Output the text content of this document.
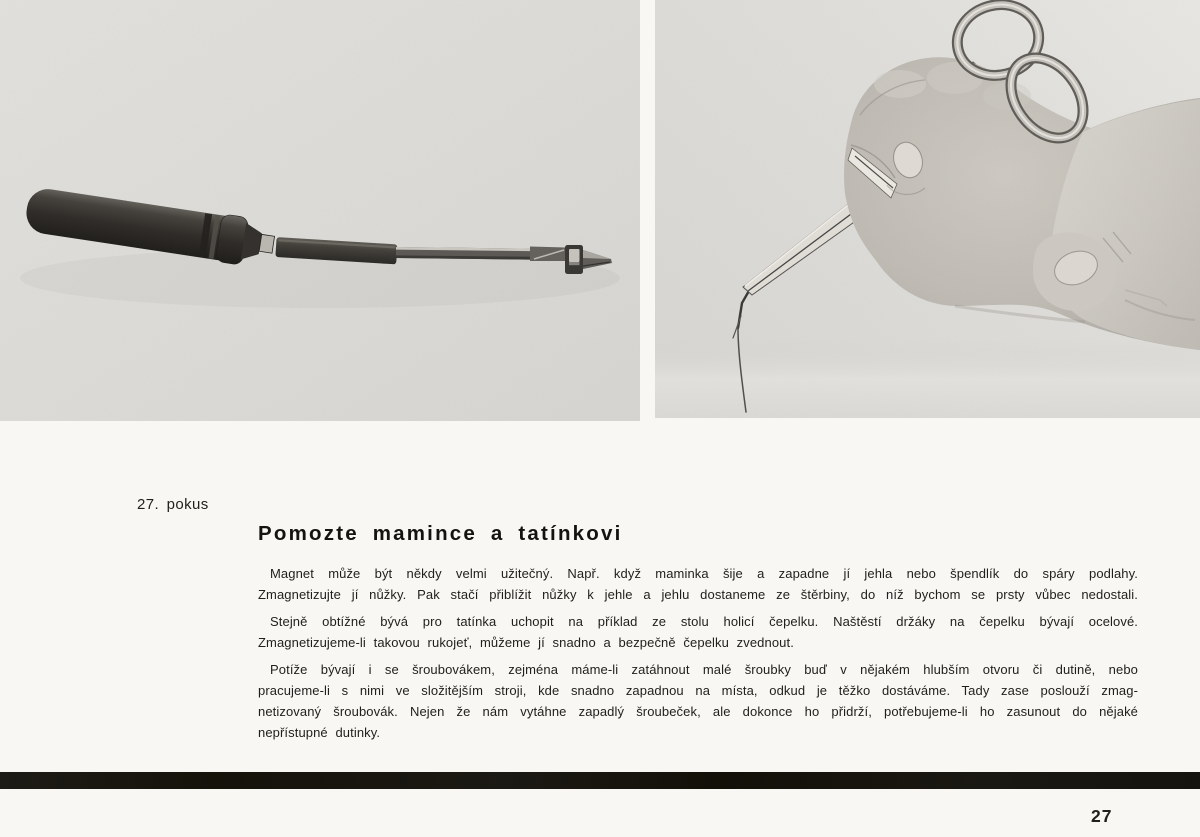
27. pokus
Pomozte mamince a tatínkovi
Magnet může být někdy velmi užitečný. Např. když maminka šije a zapadne jí jehla nebo špendlík do spáry podlahy.
Zmagnetizujte jí nůžky. Pak stačí přiblížit nůžky k jehle a jehlu dostaneme ze štěrbiny, do níž bychom se prsty vůbec nedostali.
Stejně obtížné bývá pro tatínka uchopit na příklad ze stolu holicí čepelku. Naštěstí držáky na čepelku bývají ocelové.
Zmagnetizujeme-li takovou rukojeť, můžeme jí snadno a bezpečně čepelku zvednout.
Potíže bývají i se šroubovákem, zejména máme-li zatáhnout malé šroubky buď v nějakém hlubším otvoru či dutině, nebo
pracujeme-li s nimi ve složitějším stroji, kde snadno zapadnou na místa, odkud je těžko dostáváme. Tady zase poslouží zmag-
netizovaný šroubovák. Nejen že nám vytáhne zapadlý šroubeček, ale dokonce ho přidrží, potřebujeme-li ho zasunout do nějaké
nepřístupné dutinky.
27
